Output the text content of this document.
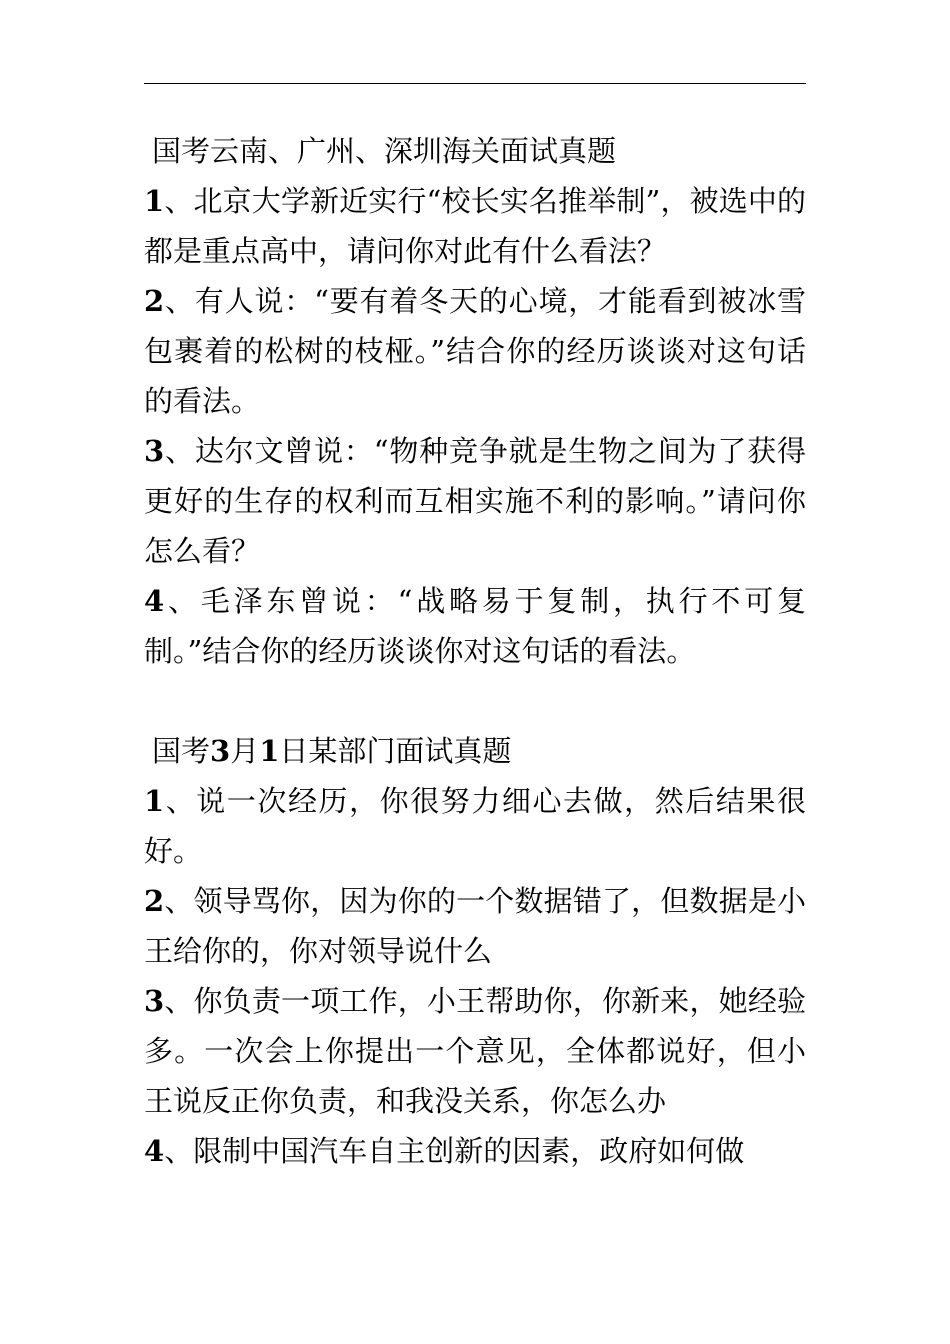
国考云南、广州、深圳海关面试真题
1、北京大学新近实行“校长实名推举制”，被选中的都是重点高中，请问你对此有什么看法？
2、有人说：“要有着冬天的心境，才能看到被冰雪包裹着的松树的枝桠。”结合你的经历谈谈对这句话的看法。
3、达尔文曾说：“物种竞争就是生物之间为了获得更好的生存的权利而互相实施不利的影响。”请问你怎么看？
4、毛泽东曾说：“战略易于复制，执行不可复制。”结合你的经历谈谈你对这句话的看法。
国考3月1日某部门面试真题
1、说一次经历，你很努力细心去做，然后结果很好。
2、领导骂你，因为你的一个数据错了，但数据是小王给你的，你对领导说什么
3、你负责一项工作，小王帮助你，你新来，她经验多。一次会上你提出一个意见，全体都说好，但小王说反正你负责，和我没关系，你怎么办
4、限制中国汽车自主创新的因素，政府如何做
